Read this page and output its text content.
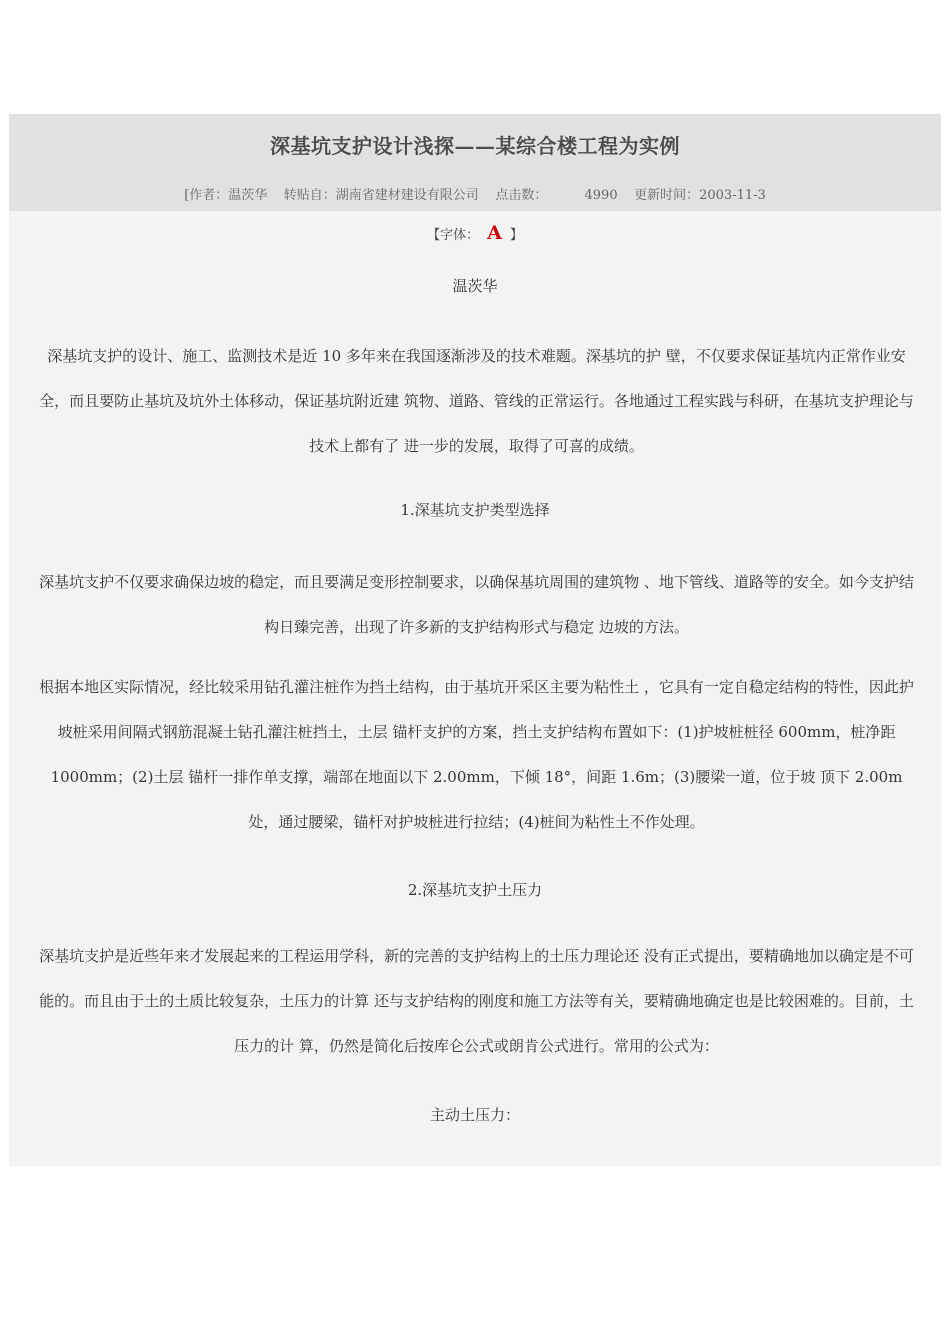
深基坑支护设计浅探——某综合楼工程为实例
[作者：温茨华    转贴自：湖南省建材建设有限公司    点击数：         4990    更新时间：2003-11-3
【字体： A 】
温茨华

深基坑支护的设计、施工、监测技术是近 10 多年来在我国逐渐涉及的技术难题。深基坑的护 壁，不仅要求保证基坑内正常作业安全，而且要防止基坑及坑外土体移动，保证基坑附近建 筑物、道路、管线的正常运行。各地通过工程实践与科研，在基坑支护理论与技术上都有了 进一步的发展，取得了可喜的成绩。

1.深基坑支护类型选择

深基坑支护不仅要求确保边坡的稳定，而且要满足变形控制要求，以确保基坑周围的建筑物 、地下管线、道路等的安全。如今支护结构日臻完善，出现了许多新的支护结构形式与稳定 边坡的方法。

根据本地区实际情况，经比较采用钻孔灌注桩作为挡土结构，由于基坑开采区主要为粘性土 ，它具有一定自稳定结构的特性，因此护坡桩采用间隔式钢筋混凝土钻孔灌注桩挡土，土层 锚杆支护的方案，挡土支护结构布置如下：(1)护坡桩桩径 600mm，桩净距 1000mm；(2)土层 锚杆一排作单支撑，端部在地面以下 2.00mm，下倾 18°，间距 1.6m；(3)腰梁一道，位于坡 顶下 2.00m 处，通过腰梁，锚杆对护坡桩进行拉结；(4)桩间为粘性土不作处理。

2.深基坑支护土压力

深基坑支护是近些年来才发展起来的工程运用学科，新的完善的支护结构上的土压力理论还 没有正式提出，要精确地加以确定是不可能的。而且由于土的土质比较复杂，土压力的计算 还与支护结构的刚度和施工方法等有关，要精确地确定也是比较困难的。目前，土压力的计 算，仍然是简化后按库仑公式或朗肯公式进行。常用的公式为：

主动土压力：
